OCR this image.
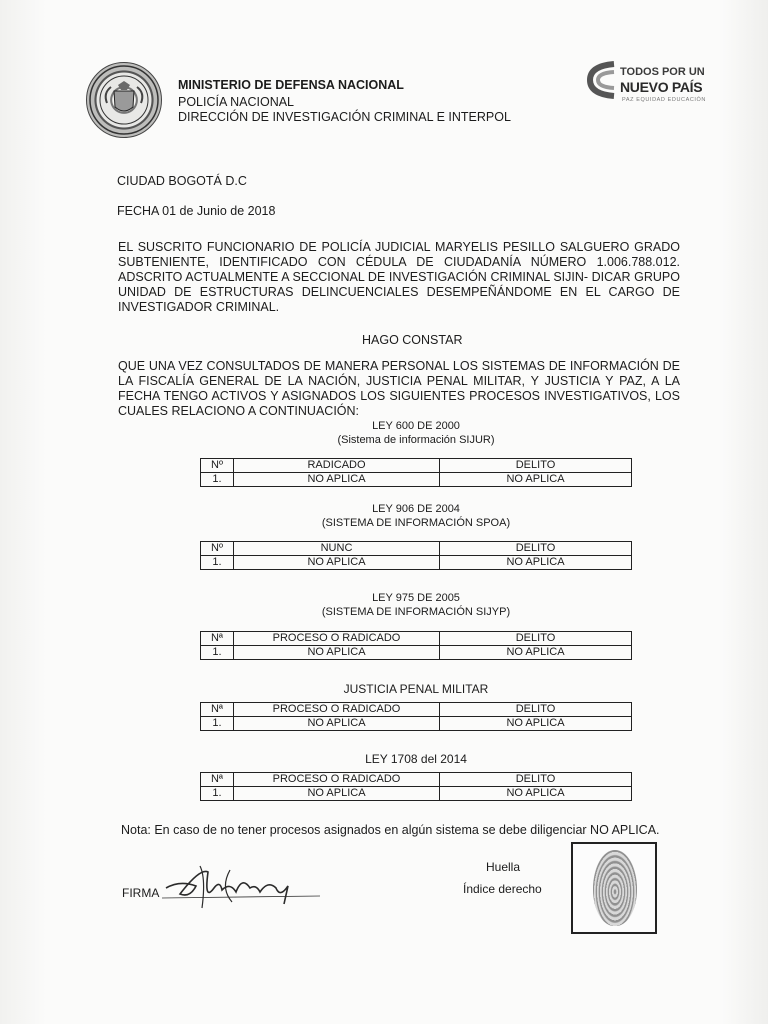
MINISTERIO DE DEFENSA NACIONAL
POLICÍA NACIONAL
DIRECCIÓN DE INVESTIGACIÓN CRIMINAL E INTERPOL
TODOS POR UN
NUEVO PAÍS
PAZ EQUIDAD EDUCACIÓN
CIUDAD BOGOTÁ D.C
FECHA 01 de Junio de 2018
EL SUSCRITO FUNCIONARIO DE POLICÍA JUDICIAL MARYELIS PESILLO SALGUERO GRADO SUBTENIENTE, IDENTIFICADO CON CÉDULA DE CIUDADANÍA NÚMERO 1.006.788.012. ADSCRITO ACTUALMENTE A SECCIONAL DE INVESTIGACIÓN CRIMINAL SIJIN- DICAR GRUPO UNIDAD DE ESTRUCTURAS DELINCUENCIALES DESEMPEÑÁNDOME EN EL CARGO DE INVESTIGADOR CRIMINAL.
HAGO CONSTAR
QUE UNA VEZ CONSULTADOS DE MANERA PERSONAL LOS SISTEMAS DE INFORMACIÓN DE LA FISCALÍA GENERAL DE LA NACIÓN, JUSTICIA PENAL MILITAR, Y JUSTICIA Y PAZ, A LA FECHA TENGO ACTIVOS Y ASIGNADOS LOS SIGUIENTES PROCESOS INVESTIGATIVOS, LOS CUALES RELACIONO A CONTINUACIÓN:
LEY 600 DE 2000
(Sistema de información SIJUR)
Nº	RADICADO	DELITO
1.	NO APLICA	NO APLICA
LEY 906 DE 2004
(SISTEMA DE INFORMACIÓN SPOA)
Nº	NUNC	DELITO
1.	NO APLICA	NO APLICA
LEY 975 DE 2005
(SISTEMA DE INFORMACIÓN SIJYP)
Nª	PROCESO O RADICADO	DELITO
1.	NO APLICA	NO APLICA
JUSTICIA PENAL MILITAR
Nª	PROCESO O RADICADO	DELITO
1.	NO APLICA	NO APLICA
LEY 1708 del 2014
Nª	PROCESO O RADICADO	DELITO
1.	NO APLICA	NO APLICA
Nota: En caso de no tener procesos asignados en algún sistema se debe diligenciar NO APLICA.
Huella
Índice derecho
FIRMA
